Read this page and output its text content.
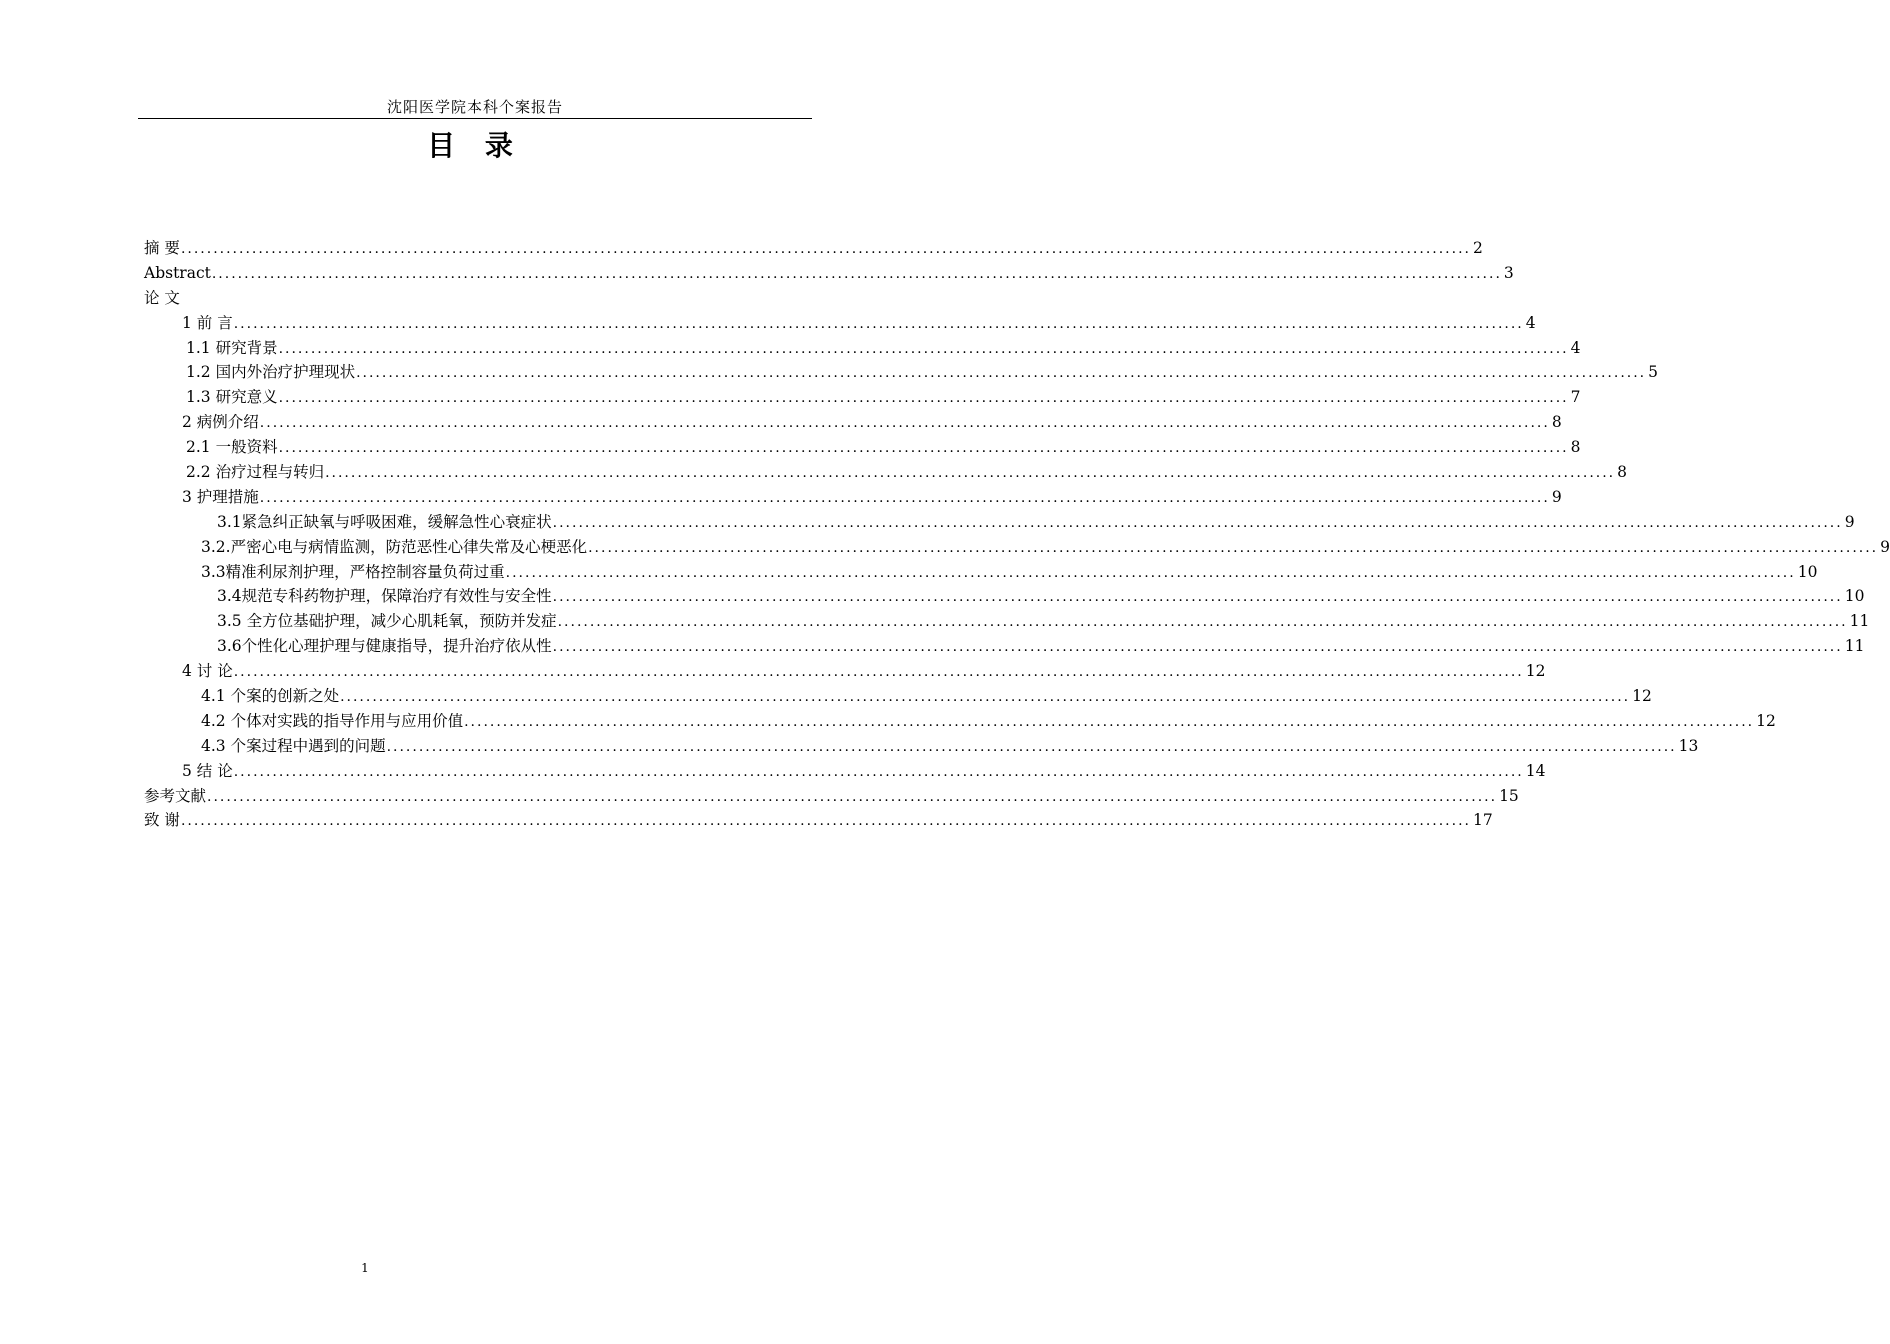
沈阳医学院本科个案报告
目 录
摘 要 ........................................................................................................................................................................................................ 2
Abstract ........................................................................................................................................................................................................ 3
论 文
1 前 言 ........................................................................................................................................................................................................ 4
1.1 研究背景 ........................................................................................................................................................................................................ 4
1.2 国内外治疗护理现状 ........................................................................................................................................................................................................ 5
1.3 研究意义 ........................................................................................................................................................................................................ 7
2 病例介绍 ........................................................................................................................................................................................................ 8
2.1 一般资料 ........................................................................................................................................................................................................ 8
2.2 治疗过程与转归 ........................................................................................................................................................................................................ 8
3 护理措施 ........................................................................................................................................................................................................ 9
3.1紧急纠正缺氧与呼吸困难，缓解急性心衰症状 ........................................................................................................................................................................................................ 9
3.2.严密心电与病情监测，防范恶性心律失常及心梗恶化 ........................................................................................................................................................................................................ 9
3.3精准利尿剂护理，严格控制容量负荷过重 ........................................................................................................................................................................................................ 10
3.4规范专科药物护理，保障治疗有效性与安全性 ........................................................................................................................................................................................................ 10
3.5 全方位基础护理，减少心肌耗氧，预防并发症 ........................................................................................................................................................................................................ 11
3.6个性化心理护理与健康指导，提升治疗依从性 ........................................................................................................................................................................................................ 11
4 讨 论 ........................................................................................................................................................................................................ 12
4.1 个案的创新之处 ........................................................................................................................................................................................................ 12
4.2 个体对实践的指导作用与应用价值 ........................................................................................................................................................................................................ 12
4.3 个案过程中遇到的问题 ........................................................................................................................................................................................................ 13
5 结 论 ........................................................................................................................................................................................................ 14
参考文献 ........................................................................................................................................................................................................ 15
致 谢 ........................................................................................................................................................................................................ 17
1
